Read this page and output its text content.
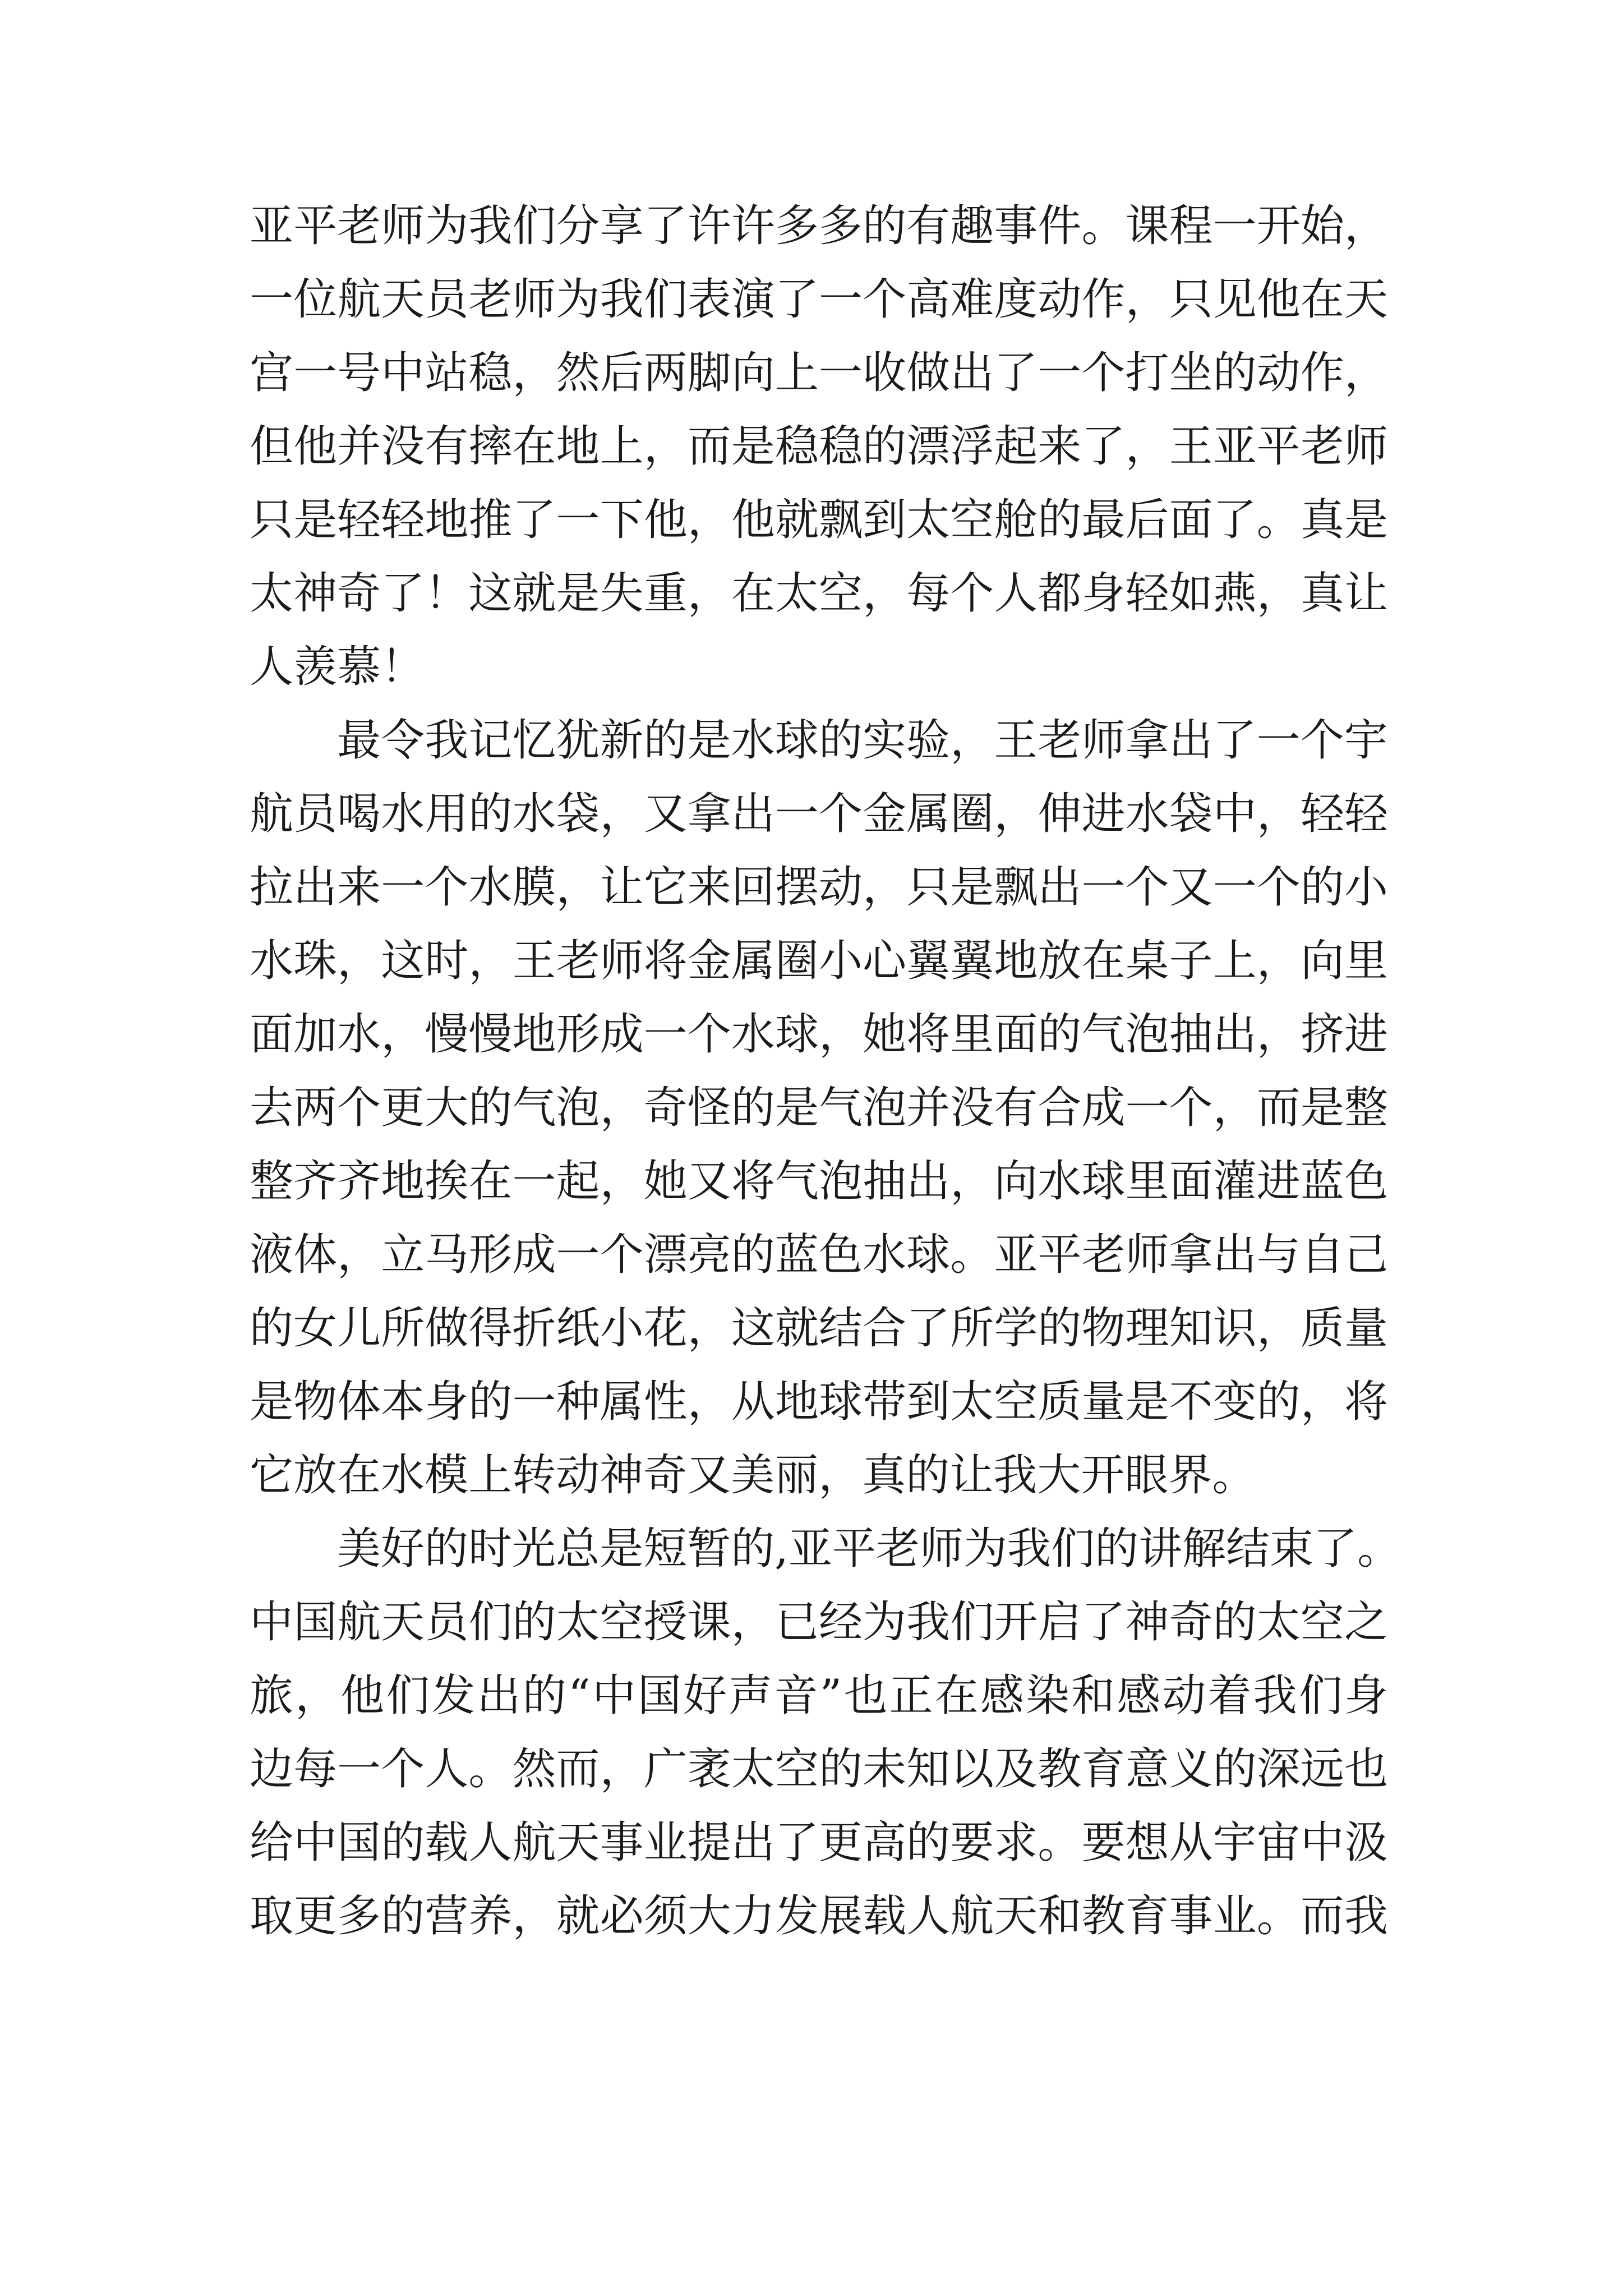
亚 平 老 师 为 我 们 分 享 了 许 许 多 多 的 有 趣 事 件 。 课 程 一 开 始 ，
一 位 航 天 员 老 师 为 我 们 表 演 了 一 个 高 难 度 动 作 ， 只 见 他 在 天
宫 一 号 中 站 稳 ， 然 后 两 脚 向 上 一 收 做 出 了 一 个 打 坐 的 动 作 ，
但 他 并 没 有 摔 在 地 上 ， 而 是 稳 稳 的 漂 浮 起 来 了 ， 王 亚 平 老 师
只 是 轻 轻 地 推 了 一 下 他 ， 他 就 飘 到 太 空 舱 的 最 后 面 了 。 真 是
太 神 奇 了 ！ 这 就 是 失 重 ， 在 太 空 ， 每 个 人 都 身 轻 如 燕 ， 真 让
人 羡 慕 ！
最 令 我 记 忆 犹 新 的 是 水 球 的 实 验 ， 王 老 师 拿 出 了 一 个 宇
航 员 喝 水 用 的 水 袋 ， 又 拿 出 一 个 金 属 圈 ， 伸 进 水 袋 中 ， 轻 轻
拉 出 来 一 个 水 膜 ， 让 它 来 回 摆 动 ， 只 是 飘 出 一 个 又 一 个 的 小
水 珠 ， 这 时 ， 王 老 师 将 金 属 圈 小 心 翼 翼 地 放 在 桌 子 上 ， 向 里
面 加 水 ， 慢 慢 地 形 成 一 个 水 球 ， 她 将 里 面 的 气 泡 抽 出 ， 挤 进
去 两 个 更 大 的 气 泡 ， 奇 怪 的 是 气 泡 并 没 有 合 成 一 个 ， 而 是 整
整 齐 齐 地 挨 在 一 起 ， 她 又 将 气 泡 抽 出 ， 向 水 球 里 面 灌 进 蓝 色
液 体 ， 立 马 形 成 一 个 漂 亮 的 蓝 色 水 球 。 亚 平 老 师 拿 出 与 自 己
的 女 儿 所 做 得 折 纸 小 花 ， 这 就 结 合 了 所 学 的 物 理 知 识 ， 质 量
是 物 体 本 身 的 一 种 属 性 ， 从 地 球 带 到 太 空 质 量 是 不 变 的 ， 将
它 放 在 水 模 上 转 动 神 奇 又 美 丽 ， 真 的 让 我 大 开 眼 界 。
美 好 的 时 光 总 是 短 暂 的 , 亚 平 老 师 为 我 们 的 讲 解 结 束 了 。
中 国 航 天 员 们 的 太 空 授 课 ， 已 经 为 我 们 开 启 了 神 奇 的 太 空 之
旅 ， 他 们 发 出 的 “ 中 国 好 声 音 ” 也 正 在 感 染 和 感 动 着 我 们 身
边 每 一 个 人 。 然 而 ， 广 袤 太 空 的 未 知 以 及 教 育 意 义 的 深 远 也
给 中 国 的 载 人 航 天 事 业 提 出 了 更 高 的 要 求 。 要 想 从 宇 宙 中 汲
取 更 多 的 营 养 ， 就 必 须 大 力 发 展 载 人 航 天 和 教 育 事 业 。 而 我
